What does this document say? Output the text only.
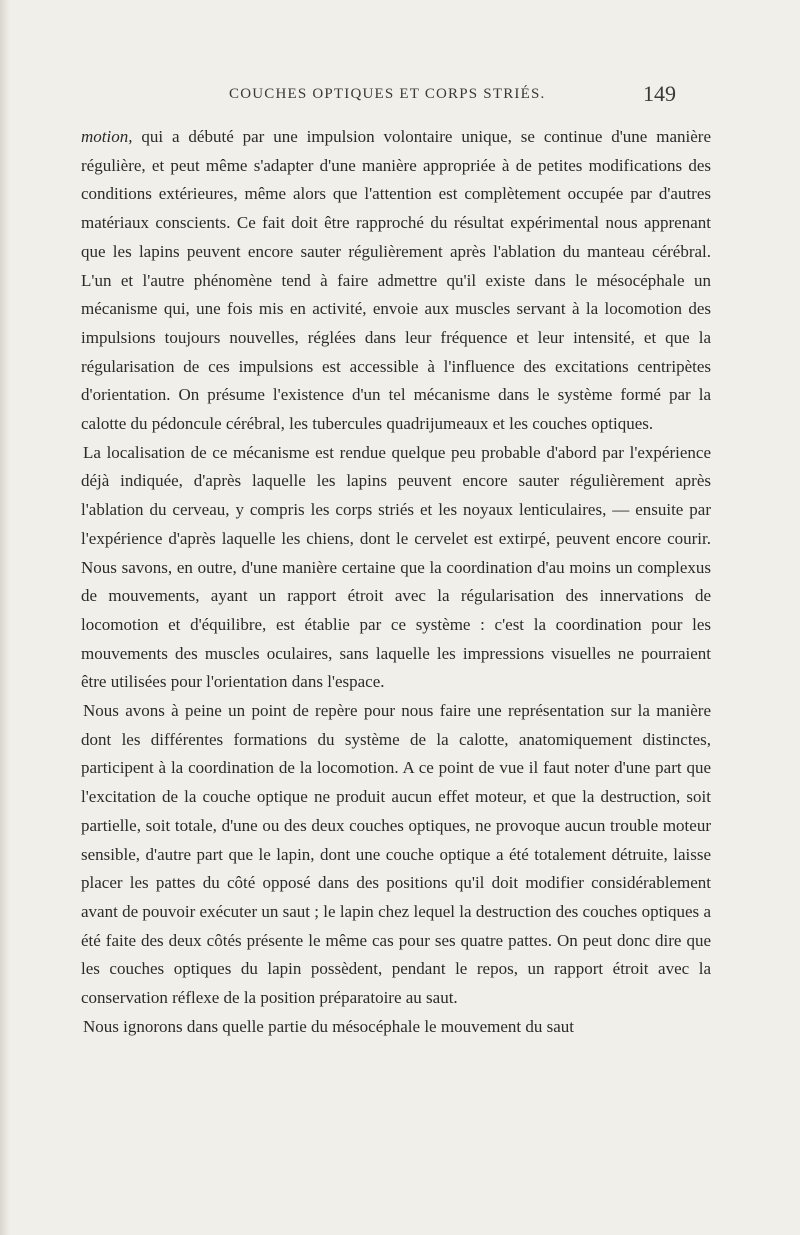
COUCHES OPTIQUES ET CORPS STRIÉS.	149

motion, qui a débuté par une impulsion volontaire unique, se continue d'une manière régulière, et peut même s'adapter d'une manière appropriée à de petites modifications des conditions extérieures, même alors que l'attention est complètement occupée par d'autres matériaux conscients. Ce fait doit être rapproché du résultat expérimental nous apprenant que les lapins peuvent encore sauter régulièrement après l'ablation du manteau cérébral. L'un et l'autre phénomène tend à faire admettre qu'il existe dans le mésocéphale un mécanisme qui, une fois mis en activité, envoie aux muscles servant à la locomotion des impulsions toujours nouvelles, réglées dans leur fréquence et leur intensité, et que la régularisation de ces impulsions est accessible à l'influence des excitations centripètes d'orientation. On présume l'existence d'un tel mécanisme dans le système formé par la calotte du pédoncule cérébral, les tubercules quadrijumeaux et les couches optiques.

La localisation de ce mécanisme est rendue quelque peu probable d'abord par l'expérience déjà indiquée, d'après laquelle les lapins peuvent encore sauter régulièrement après l'ablation du cerveau, y compris les corps striés et les noyaux lenticulaires, — ensuite par l'expérience d'après laquelle les chiens, dont le cervelet est extirpé, peuvent encore courir. Nous savons, en outre, d'une manière certaine que la coordination d'au moins un complexus de mouvements, ayant un rapport étroit avec la régularisation des innervations de locomotion et d'équilibre, est établie par ce système : c'est la coordination pour les mouvements des muscles oculaires, sans laquelle les impressions visuelles ne pourraient être utilisées pour l'orientation dans l'espace.

Nous avons à peine un point de repère pour nous faire une représentation sur la manière dont les différentes formations du système de la calotte, anatomiquement distinctes, participent à la coordination de la locomotion. A ce point de vue il faut noter d'une part que l'excitation de la couche optique ne produit aucun effet moteur, et que la destruction, soit partielle, soit totale, d'une ou des deux couches optiques, ne provoque aucun trouble moteur sensible, d'autre part que le lapin, dont une couche optique a été totalement détruite, laisse placer les pattes du côté opposé dans des positions qu'il doit modifier considérablement avant de pouvoir exécuter un saut ; le lapin chez lequel la destruction des couches optiques a été faite des deux côtés présente le même cas pour ses quatre pattes. On peut donc dire que les couches optiques du lapin possèdent, pendant le repos, un rapport étroit avec la conservation réflexe de la position préparatoire au saut.

Nous ignorons dans quelle partie du mésocéphale le mouvement du saut
